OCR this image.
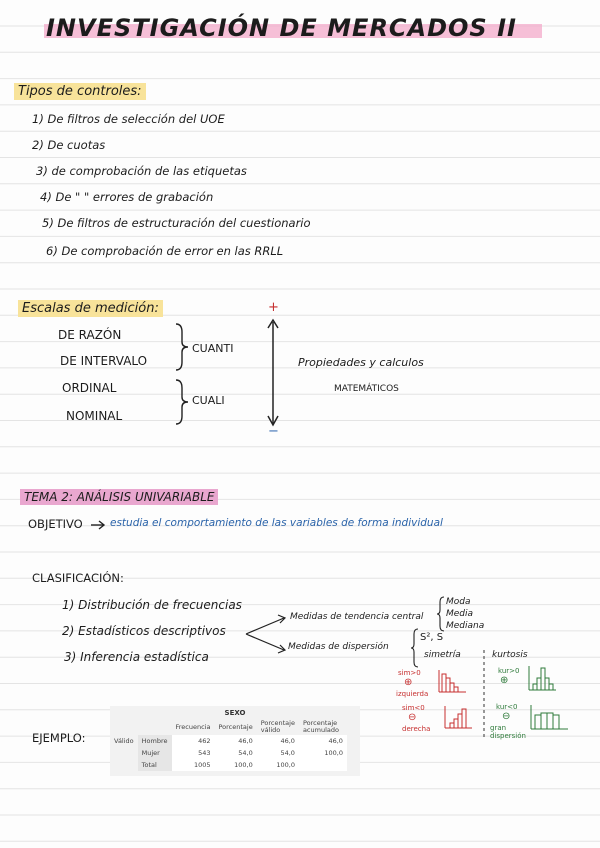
INVESTIGACIÓN DE MERCADOS II
Tipos de controles:
1) De filtros de selección del UOE
2) De cuotas
3) de comprobación de las etiquetas
4) De " " errores de grabación
5) De filtros de estructuración del cuestionario
6) De comprobación de error en las RRLL
Escalas de medición:
DE RAZÓN
DE INTERVALO
ORDINAL
NOMINAL
CUANTI
CUALI
+
−
Propiedades y calculos
MATEMÁTICOS
TEMA 2: ANÁLISIS UNIVARIABLE
OBJETIVO	estudia el comportamiento de las variables de forma individual
CLASIFICACIÓN:
1) Distribución de frecuencias
2) Estadísticos descriptivos
3) Inferencia estadística
Medidas de tendencia central
Moda
Media
Mediana
Medidas de dispersión
S², S
simetría	kurtosis
sim>0
⊕
izquierda
sim<0
⊖
derecha
kur>0
⊕
kur<0
⊖
gran dispersión
EJEMPLO:
SEXO
		Frecuencia	Porcentaje	Porcentaje válido	Porcentaje acumulado
Válido	Hombre	462	46,0	46,0	46,0
	Mujer	543	54,0	54,0	100,0
	Total	1005	100,0	100,0	
